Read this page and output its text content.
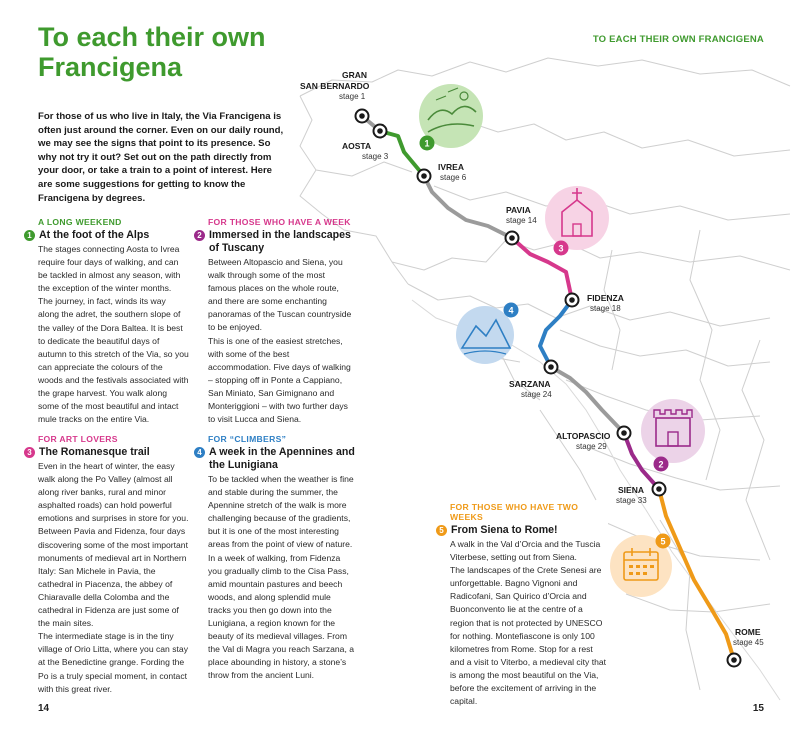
GRAN
SAN BERNARDO
stage 1
AOSTA
stage 3
IVREA
stage 6
PAVIA
stage 14
FIDENZA
stage 18
SARZANA
stage 24
ALTOPASCIO
stage 29
SIENA
stage 33
ROME
stage 45
1
3
4
2
5
To each their own Francigena
TO EACH THEIR OWN FRANCIGENA
For those of us who live in Italy, the Via Francigena is often just around the corner. Even on our daily round, we may see the signs that point to its presence. So why not try it out? Set out on the path directly from your door, or take a train to a point of interest. Here are some suggestions for getting to know the Francigena by degrees.
A LONG WEEKEND
1 At the foot of the Alps

The stages connecting Aosta to Ivrea require four days of walking, and can be tackled in almost any season, with the exception of the winter months.

The journey, in fact, winds its way along the adret, the southern slope of the valley of the Dora Baltea. It is best to dedicate the beautiful days of autumn to this stretch of the Via, so you can appreciate the colours of the woods and the festivals associated with the grape harvest. You walk along some of the most beautiful and intact mule tracks on the entire Via.

FOR THOSE WHO HAVE A WEEK
2 Immersed in the landscapes of Tuscany

Between Altopascio and Siena, you walk through some of the most famous places on the whole route, and there are some enchanting panoramas of the Tuscan countryside to be enjoyed.

This is one of the easiest stretches, with some of the best accommodation. Five days of walking – stopping off in Ponte a Cappiano, San Miniato, San Gimignano and Monteriggioni – with two further days to visit Lucca and Siena.

FOR ART LOVERS
3 The Romanesque trail

Even in the heart of winter, the easy walk along the Po Valley (almost all along river banks, rural and minor asphalted roads) can hold powerful emotions and surprises in store for you. Between Pavia and Fidenza, four days discovering some of the most important monuments of medieval art in Northern Italy: San Michele in Pavia, the cathedral in Piacenza, the abbey of Chiaravalle della Colomba and the cathedral in Fidenza are just some of the main sites.

The intermediate stage is in the tiny village of Orio Litta, where you can stay at the Benedictine grange. Fording the Po is a truly special moment, in contact with this great river.

FOR “CLIMBERS”
4 A week in the Apennines and the Lunigiana

To be tackled when the weather is fine and stable during the summer, the Apennine stretch of the walk is more challenging because of the gradients, but it is one of the most interesting areas from the point of view of nature.

In a week of walking, from Fidenza you gradually climb to the Cisa Pass, amid mountain pastures and beech woods, and along splendid mule tracks you then go down into the Lunigiana, a region known for the beauty of its medieval villages. From the Val di Magra you reach Sarzana, a place abounding in history, a stone’s throw from the ancient Luni.

FOR THOSE WHO HAVE TWO WEEKS
5 From Siena to Rome!

A walk in the Val d’Orcia and the Tuscia Viterbese, setting out from Siena.

The landscapes of the Crete Senesi are unforgettable. Bagno Vignoni and Radicofani, San Quirico d’Orcia and Buonconvento lie at the centre of a region that is not protected by UNESCO for nothing. Montefiascone is only 100 kilometres from Rome. Stop for a rest and a visit to Viterbo, a medieval city that is among the most beautiful on the Via, before the excitement of arriving in the capital.

14	15
